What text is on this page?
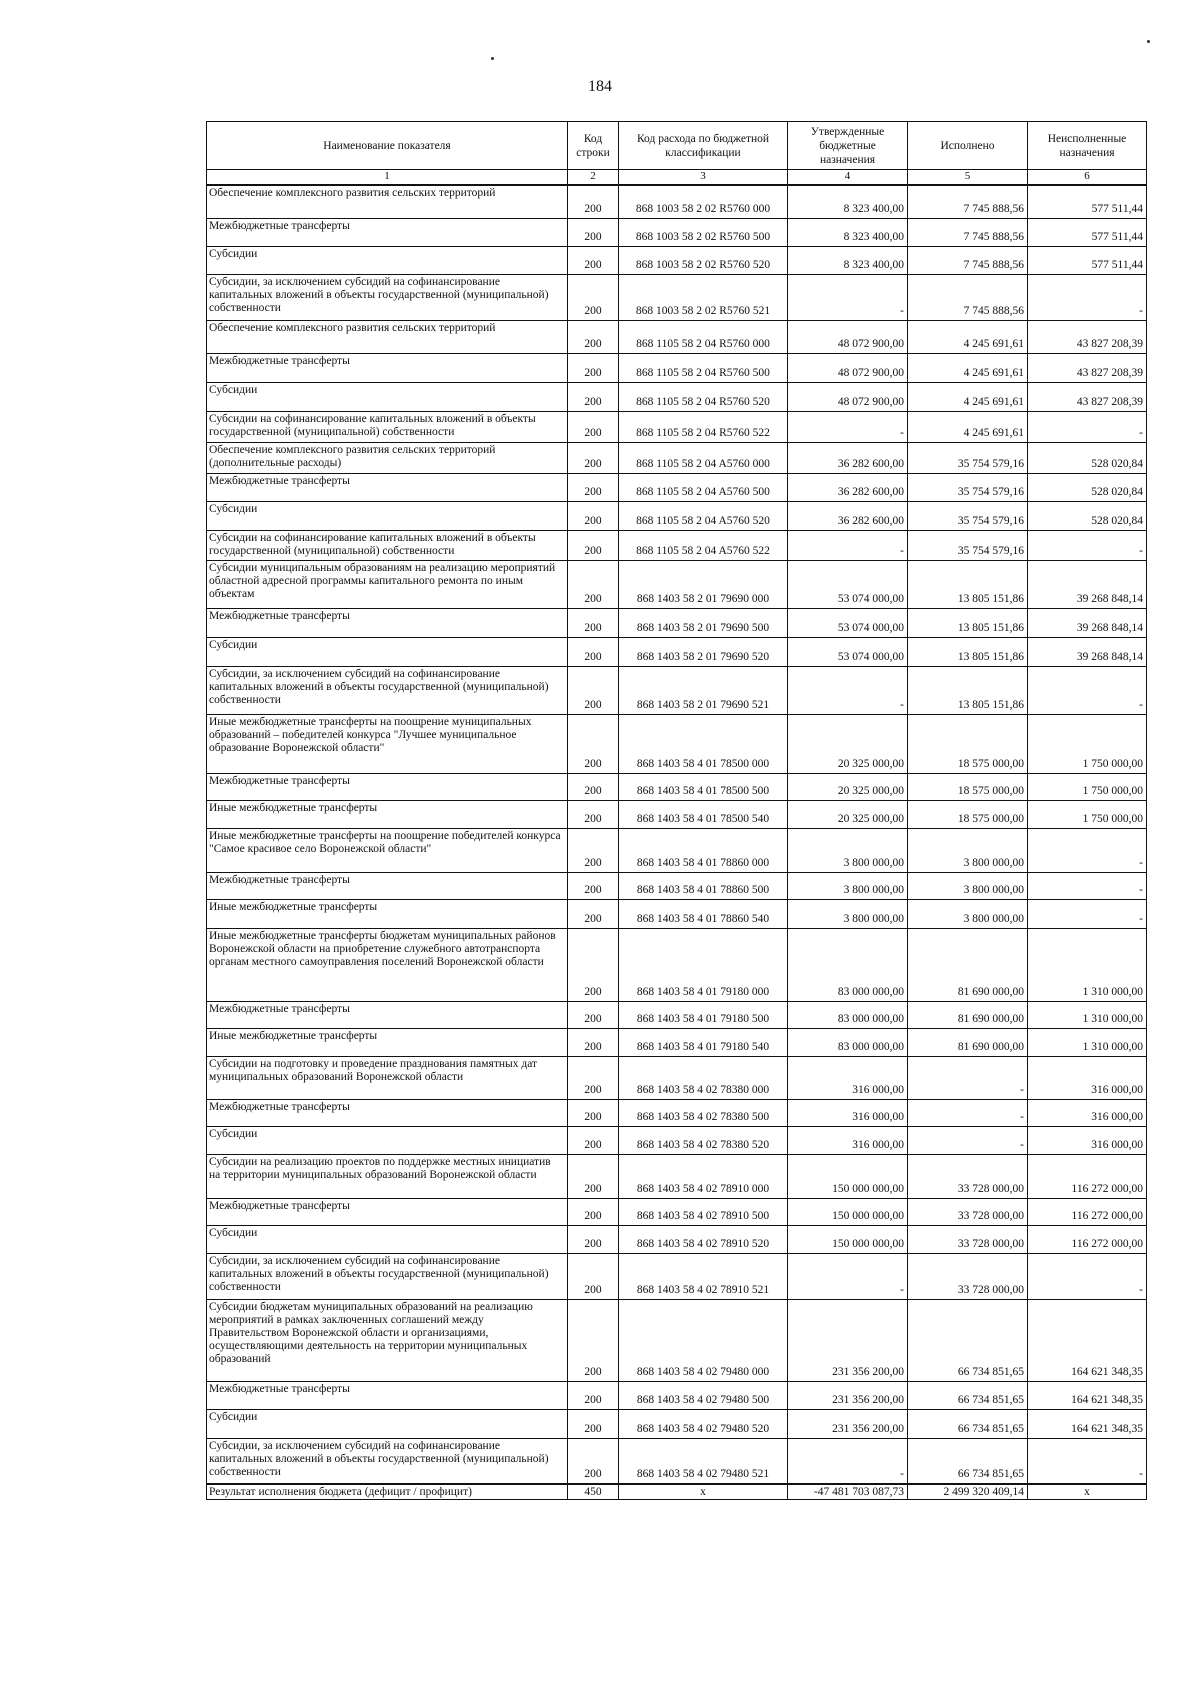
184
Наименование показателя	Код строки	Код расхода по бюджетной классификации	Утвержденные бюджетные назначения	Исполнено	Неисполненные назначения
1	2	3	4	5	6
Обеспечение комплексного развития сельских территорий	200	868 1003 58 2 02 R5760 000	8 323 400,00	7 745 888,56	577 511,44
Межбюджетные трансферты	200	868 1003 58 2 02 R5760 500	8 323 400,00	7 745 888,56	577 511,44
Субсидии	200	868 1003 58 2 02 R5760 520	8 323 400,00	7 745 888,56	577 511,44
Субсидии, за исключением субсидий на софинансирование капитальных вложений в объекты государственной (муниципальной) собственности	200	868 1003 58 2 02 R5760 521	-	7 745 888,56	-
Обеспечение комплексного развития сельских территорий	200	868 1105 58 2 04 R5760 000	48 072 900,00	4 245 691,61	43 827 208,39
Межбюджетные трансферты	200	868 1105 58 2 04 R5760 500	48 072 900,00	4 245 691,61	43 827 208,39
Субсидии	200	868 1105 58 2 04 R5760 520	48 072 900,00	4 245 691,61	43 827 208,39
Субсидии на софинансирование капитальных вложений в объекты государственной (муниципальной) собственности	200	868 1105 58 2 04 R5760 522	-	4 245 691,61	-
Обеспечение комплексного развития сельских территорий (дополнительные расходы)	200	868 1105 58 2 04 A5760 000	36 282 600,00	35 754 579,16	528 020,84
Межбюджетные трансферты	200	868 1105 58 2 04 A5760 500	36 282 600,00	35 754 579,16	528 020,84
Субсидии	200	868 1105 58 2 04 A5760 520	36 282 600,00	35 754 579,16	528 020,84
Субсидии на софинансирование капитальных вложений в объекты государственной (муниципальной) собственности	200	868 1105 58 2 04 A5760 522	-	35 754 579,16	-
Субсидии муниципальным образованиям на реализацию мероприятий областной адресной программы капитального ремонта по иным объектам	200	868 1403 58 2 01 79690 000	53 074 000,00	13 805 151,86	39 268 848,14
Межбюджетные трансферты	200	868 1403 58 2 01 79690 500	53 074 000,00	13 805 151,86	39 268 848,14
Субсидии	200	868 1403 58 2 01 79690 520	53 074 000,00	13 805 151,86	39 268 848,14
Субсидии, за исключением субсидий на софинансирование капитальных вложений в объекты государственной (муниципальной) собственности	200	868 1403 58 2 01 79690 521	-	13 805 151,86	-
Иные межбюджетные трансферты на поощрение муниципальных образований – победителей конкурса "Лучшее муниципальное образование Воронежской области"	200	868 1403 58 4 01 78500 000	20 325 000,00	18 575 000,00	1 750 000,00
Межбюджетные трансферты	200	868 1403 58 4 01 78500 500	20 325 000,00	18 575 000,00	1 750 000,00
Иные межбюджетные трансферты	200	868 1403 58 4 01 78500 540	20 325 000,00	18 575 000,00	1 750 000,00
Иные межбюджетные трансферты на поощрение победителей конкурса "Самое красивое село Воронежской области"	200	868 1403 58 4 01 78860 000	3 800 000,00	3 800 000,00	-
Межбюджетные трансферты	200	868 1403 58 4 01 78860 500	3 800 000,00	3 800 000,00	-
Иные межбюджетные трансферты	200	868 1403 58 4 01 78860 540	3 800 000,00	3 800 000,00	-
Иные межбюджетные трансферты бюджетам муниципальных районов Воронежской области на приобретение служебного автотранспорта органам местного самоуправления поселений Воронежской области	200	868 1403 58 4 01 79180 000	83 000 000,00	81 690 000,00	1 310 000,00
Межбюджетные трансферты	200	868 1403 58 4 01 79180 500	83 000 000,00	81 690 000,00	1 310 000,00
Иные межбюджетные трансферты	200	868 1403 58 4 01 79180 540	83 000 000,00	81 690 000,00	1 310 000,00
Субсидии на подготовку и проведение празднования памятных дат муниципальных образований Воронежской области	200	868 1403 58 4 02 78380 000	316 000,00	-	316 000,00
Межбюджетные трансферты	200	868 1403 58 4 02 78380 500	316 000,00	-	316 000,00
Субсидии	200	868 1403 58 4 02 78380 520	316 000,00	-	316 000,00
Субсидии на реализацию проектов по поддержке местных инициатив на территории муниципальных образований Воронежской области	200	868 1403 58 4 02 78910 000	150 000 000,00	33 728 000,00	116 272 000,00
Межбюджетные трансферты	200	868 1403 58 4 02 78910 500	150 000 000,00	33 728 000,00	116 272 000,00
Субсидии	200	868 1403 58 4 02 78910 520	150 000 000,00	33 728 000,00	116 272 000,00
Субсидии, за исключением субсидий на софинансирование капитальных вложений в объекты государственной (муниципальной) собственности	200	868 1403 58 4 02 78910 521	-	33 728 000,00	-
Субсидии бюджетам муниципальных образований на реализацию мероприятий в рамках заключенных соглашений между Правительством Воронежской области и организациями, осуществляющими деятельность на территории муниципальных образований	200	868 1403 58 4 02 79480 000	231 356 200,00	66 734 851,65	164 621 348,35
Межбюджетные трансферты	200	868 1403 58 4 02 79480 500	231 356 200,00	66 734 851,65	164 621 348,35
Субсидии	200	868 1403 58 4 02 79480 520	231 356 200,00	66 734 851,65	164 621 348,35
Субсидии, за исключением субсидий на софинансирование капитальных вложений в объекты государственной (муниципальной) собственности	200	868 1403 58 4 02 79480 521	-	66 734 851,65	-
Результат исполнения бюджета (дефицит / профицит)	450	x	-47 481 703 087,73	2 499 320 409,14	x
